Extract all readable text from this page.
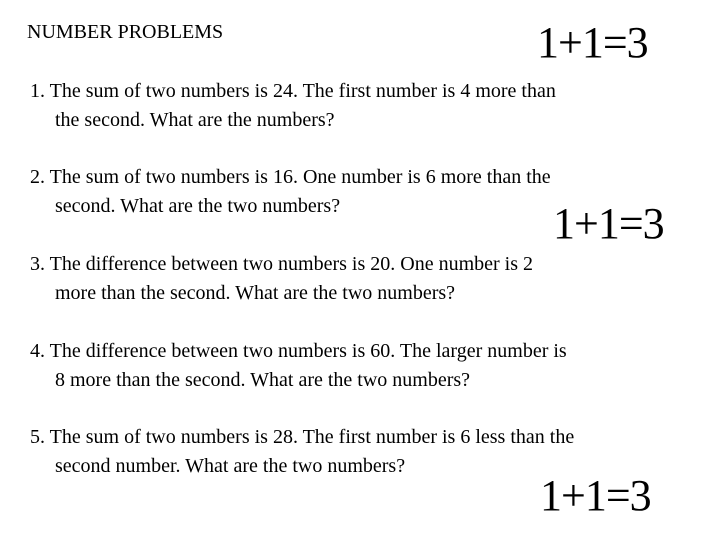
NUMBER PROBLEMS	1+1=3
1. The sum of two numbers is 24. The first number is 4 more than
the second. What are the numbers?
2. The sum of two numbers is 16. One number is 6 more than the
second. What are the two numbers?	1+1=3
3. The difference between two numbers is 20. One number is 2
more than the second. What are the two numbers?
4. The difference between two numbers is 60. The larger number is
8 more than the second. What are the two numbers?
5. The sum of two numbers is 28. The first number is 6 less than the
second number. What are the two numbers?
1+1=3
